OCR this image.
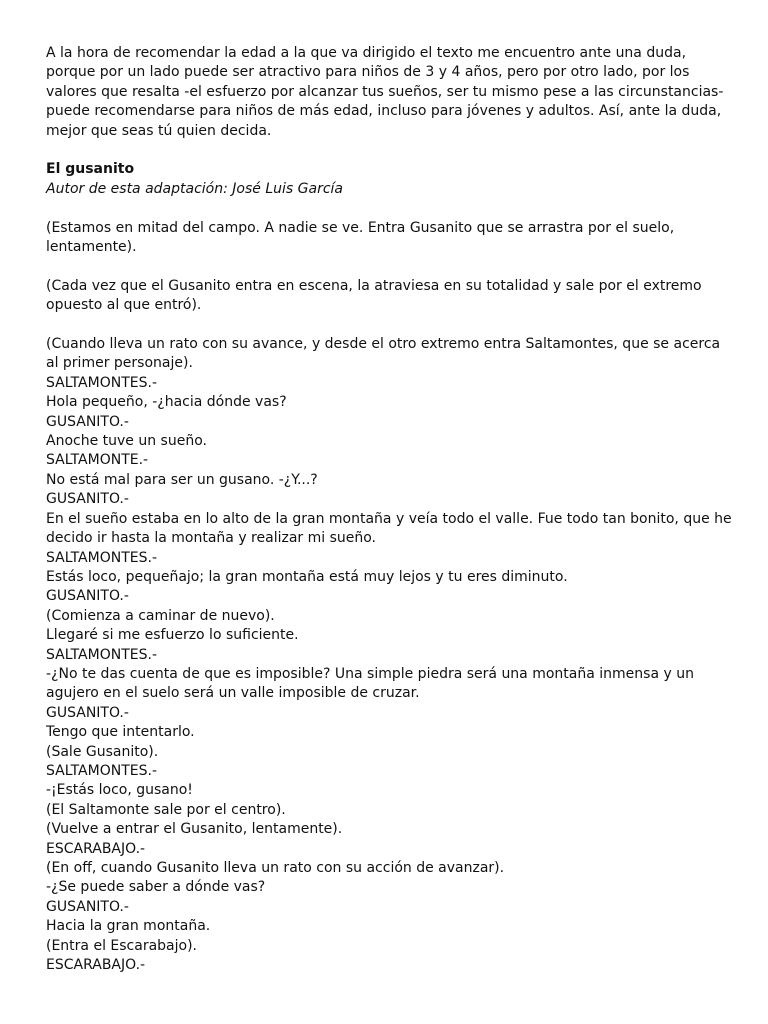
A la hora de recomendar la edad a la que va dirigido el texto me encuentro ante una duda, porque por un lado puede ser atractivo para niños de 3 y 4 años, pero por otro lado, por los valores que resalta -el esfuerzo por alcanzar tus sueños, ser tu mismo pese a las circunstancias- puede recomendarse para niños de más edad, incluso para jóvenes y adultos. Así, ante la duda, mejor que seas tú quien decida.

El gusanito

Autor de esta adaptación: José Luis García

(Estamos en mitad del campo. A nadie se ve. Entra Gusanito que se arrastra por el suelo, lentamente).

(Cada vez que el Gusanito entra en escena, la atraviesa en su totalidad y sale por el extremo opuesto al que entró).

(Cuando lleva un rato con su avance, y desde el otro extremo entra Saltamontes, que se acerca al primer personaje).

SALTAMONTES.-

Hola pequeño, -¿hacia dónde vas?

GUSANITO.-

Anoche tuve un sueño.

SALTAMONTE.-

No está mal para ser un gusano. -¿Y...?

GUSANITO.-

En el sueño estaba en lo alto de la gran montaña y veía todo el valle. Fue todo tan bonito, que he decido ir hasta la montaña y realizar mi sueño.

SALTAMONTES.-

Estás loco, pequeñajo; la gran montaña está muy lejos y tu eres diminuto.

GUSANITO.-

(Comienza a caminar de nuevo).

Llegaré si me esfuerzo lo suficiente.

SALTAMONTES.-

-¿No te das cuenta de que es imposible? Una simple piedra será una montaña inmensa y un agujero en el suelo será un valle imposible de cruzar.

GUSANITO.-

Tengo que intentarlo.

(Sale Gusanito).

SALTAMONTES.-

-¡Estás loco, gusano!

(El Saltamonte sale por el centro).

(Vuelve a entrar el Gusanito, lentamente).

ESCARABAJO.-

(En off, cuando Gusanito lleva un rato con su acción de avanzar).

-¿Se puede saber a dónde vas?

GUSANITO.-

Hacia la gran montaña.

(Entra el Escarabajo).

ESCARABAJO.-
